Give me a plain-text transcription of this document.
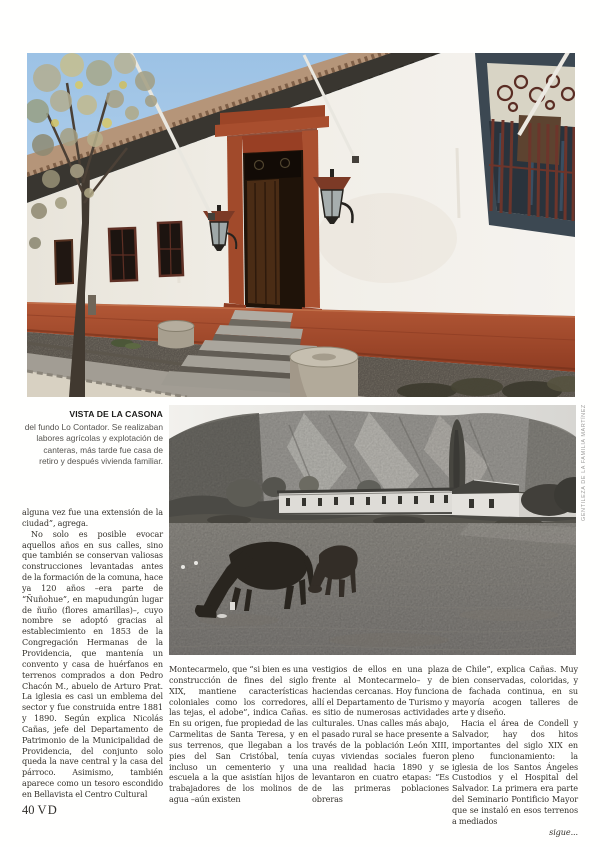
VISTA DE LA CASONA

del fundo Lo Contador. Se realizaban labores agrícolas y explotación de canteras, más tarde fue casa de retiro y después vivienda familiar.	GENTILEZA DE LA FAMILIA MARTÍNEZ

alguna vez fue una extensión de la ciudad”, agrega.

No solo es posible evocar aquellos años en sus calles, sino que también se conservan valiosas construcciones levantadas antes de la formación de la comuna, hace ya 120 años –era parte de “Ñuñohue”, en mapudungún lugar de ñuño (flores amarillas)–, cuyo nombre se adoptó gracias al establecimiento en 1853 de la Congregación Hermanas de la Providencia, que mantenía un convento y casa de huérfanos en terrenos comprados a don Pedro Chacón M., abuelo de Arturo Prat. La iglesia es casi un emblema del sector y fue construida entre 1881 y 1890. Según explica Nicolás Cañas, jefe del Departamento de Patrimonio de la Municipalidad de Providencia, del conjunto solo queda la nave central y la casa del párroco. Asimismo, también aparece como un tesoro escondido en Bellavista el Centro Cultural

Montecarmelo, que “si bien es una construcción de fines del siglo XIX, mantiene características coloniales como los corredores, las tejas, el adobe”, indica Cañas. En su origen, fue propiedad de las Carmelitas de Santa Teresa, y en sus terrenos, que llegaban a los pies del San Cristóbal, tenía incluso un cementerio y una escuela a la que asistían hijos de trabajadores de los molinos de agua –aún existen

vestigios de ellos en una plaza frente al Montecarmelo– y de haciendas cercanas. Hoy funciona allí el Departamento de Turismo y es sitio de numerosas actividades culturales. Unas calles más abajo, el pasado rural se hace presente a través de la población León XIII, cuyas viviendas sociales fueron una realidad hacia 1890 y se levantaron en cuatro etapas: “Es de las primeras poblaciones obreras

de Chile”, explica Cañas. Muy bien conservadas, coloridas, y de fachada continua, en su mayoría acogen talleres de arte y diseño.

Hacia el área de Condell y Salvador, hay dos hitos importantes del siglo XIX en pleno funcionamiento: la iglesia de los Santos Ángeles Custodios y el Hospital del Salvador. La primera era parte del Seminario Pontificio Mayor que se instaló en esos terrenos a mediados

sigue...

40 VD
